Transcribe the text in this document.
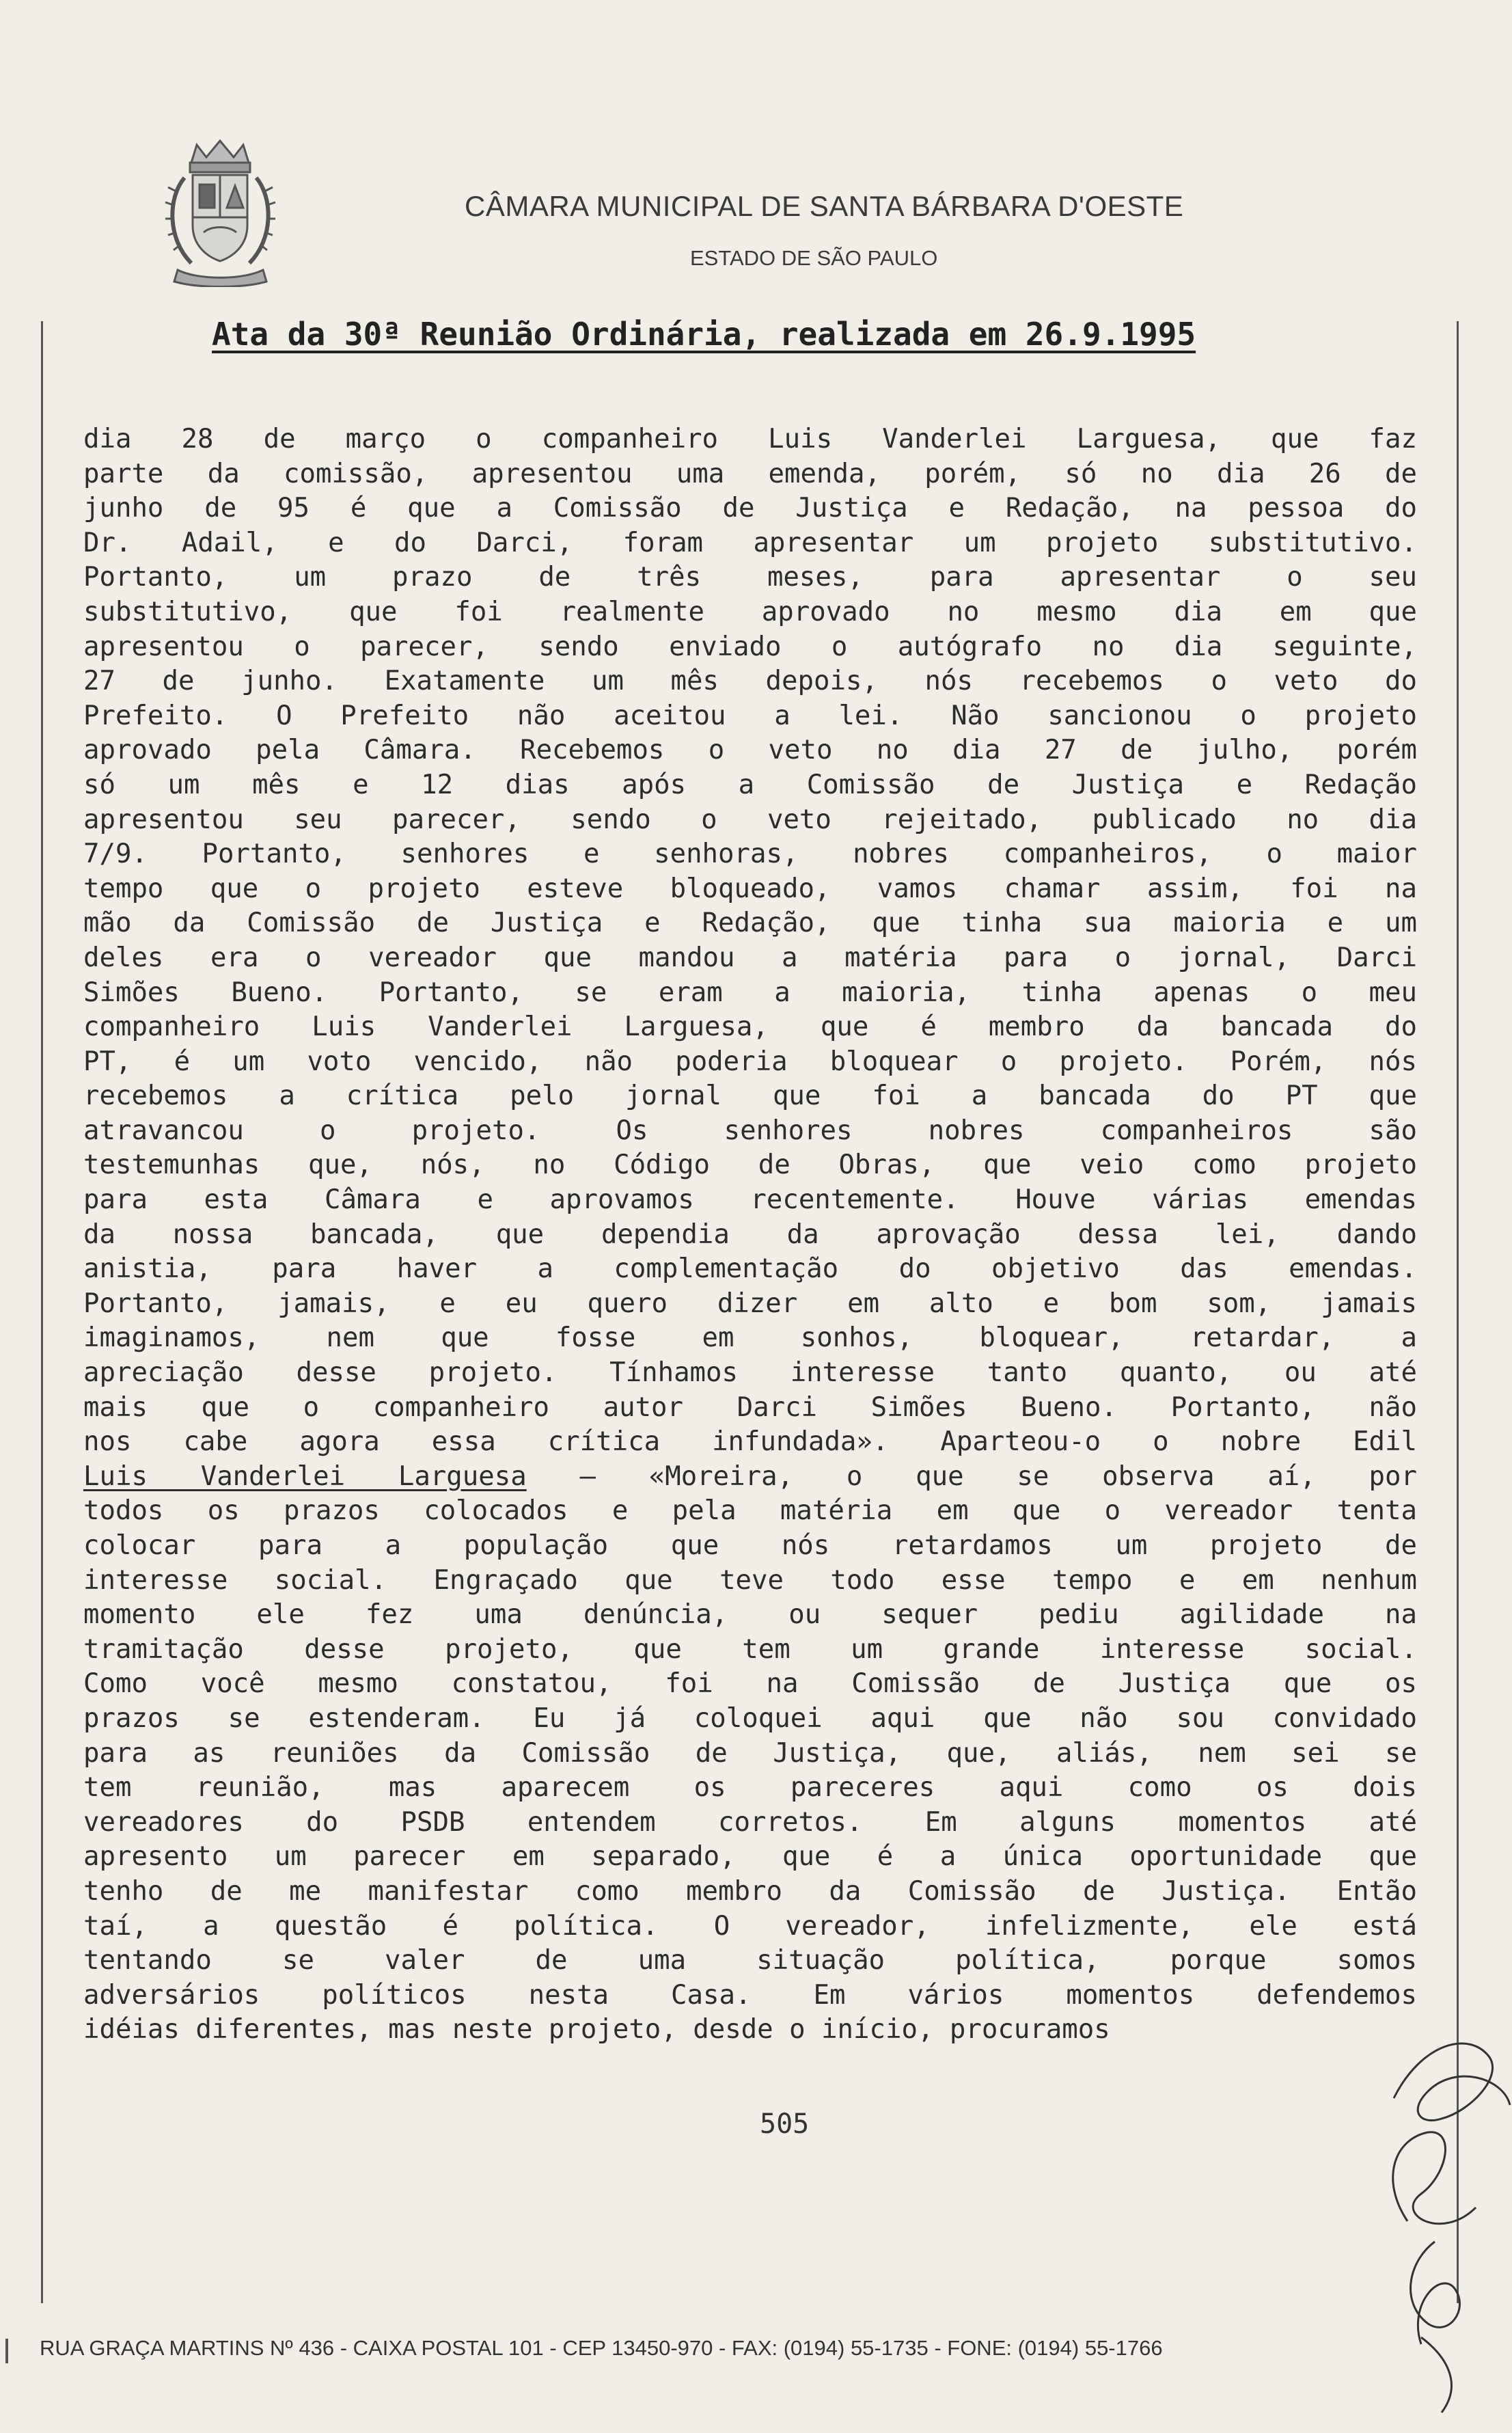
CÂMARA MUNICIPAL DE SANTA BÁRBARA D'OESTE
ESTADO DE SÃO PAULO
Ata da 30ª Reunião Ordinária, realizada em 26.9.1995
dia 28 de março o companheiro Luis Vanderlei Larguesa, que faz
parte da comissão, apresentou uma emenda, porém, só no dia 26 de
junho de 95 é que a Comissão de Justiça e Redação, na pessoa do
Dr. Adail, e do Darci, foram apresentar um projeto substitutivo.
Portanto, um prazo de três meses, para apresentar o seu
substitutivo, que foi realmente aprovado no mesmo dia em que
apresentou o parecer, sendo enviado o autógrafo no dia seguinte,
27 de junho. Exatamente um mês depois, nós recebemos o veto do
Prefeito. O Prefeito não aceitou a lei. Não sancionou o projeto
aprovado pela Câmara. Recebemos o veto no dia 27 de julho, porém
só um mês e 12 dias após a Comissão de Justiça e Redação
apresentou seu parecer, sendo o veto rejeitado, publicado no dia
7/9. Portanto, senhores e senhoras, nobres companheiros, o maior
tempo que o projeto esteve bloqueado, vamos chamar assim, foi na
mão da Comissão de Justiça e Redação, que tinha sua maioria e um
deles era o vereador que mandou a matéria para o jornal, Darci
Simões Bueno. Portanto, se eram a maioria, tinha apenas o meu
companheiro Luis Vanderlei Larguesa, que é membro da bancada do
PT, é um voto vencido, não poderia bloquear o projeto. Porém, nós
recebemos a crítica pelo jornal que foi a bancada do PT que
atravancou o projeto. Os senhores nobres companheiros são
testemunhas que, nós, no Código de Obras, que veio como projeto
para esta Câmara e aprovamos recentemente. Houve várias emendas
da nossa bancada, que dependia da aprovação dessa lei, dando
anistia, para haver a complementação do objetivo das emendas.
Portanto, jamais, e eu quero dizer em alto e bom som, jamais
imaginamos, nem que fosse em sonhos, bloquear, retardar, a
apreciação desse projeto. Tínhamos interesse tanto quanto, ou até
mais que o companheiro autor Darci Simões Bueno. Portanto, não
nos cabe agora essa crítica infundada». Aparteou-o o nobre Edil
Luis Vanderlei Larguesa – «Moreira, o que se observa aí, por
todos os prazos colocados e pela matéria em que o vereador tenta
colocar para a população que nós retardamos um projeto de
interesse social. Engraçado que teve todo esse tempo e em nenhum
momento ele fez uma denúncia, ou sequer pediu agilidade na
tramitação desse projeto, que tem um grande interesse social.
Como você mesmo constatou, foi na Comissão de Justiça que os
prazos se estenderam. Eu já coloquei aqui que não sou convidado
para as reuniões da Comissão de Justiça, que, aliás, nem sei se
tem reunião, mas aparecem os pareceres aqui como os dois
vereadores do PSDB entendem corretos. Em alguns momentos até
apresento um parecer em separado, que é a única oportunidade que
tenho de me manifestar como membro da Comissão de Justiça. Então
taí, a questão é política. O vereador, infelizmente, ele está
tentando se valer de uma situação política, porque somos
adversários políticos nesta Casa. Em vários momentos defendemos
idéias diferentes, mas neste projeto, desde o início, procuramos
505
RUA GRAÇA MARTINS Nº 436 - CAIXA POSTAL 101 - CEP 13450-970 - FAX: (0194) 55-1735 - FONE: (0194) 55-1766
